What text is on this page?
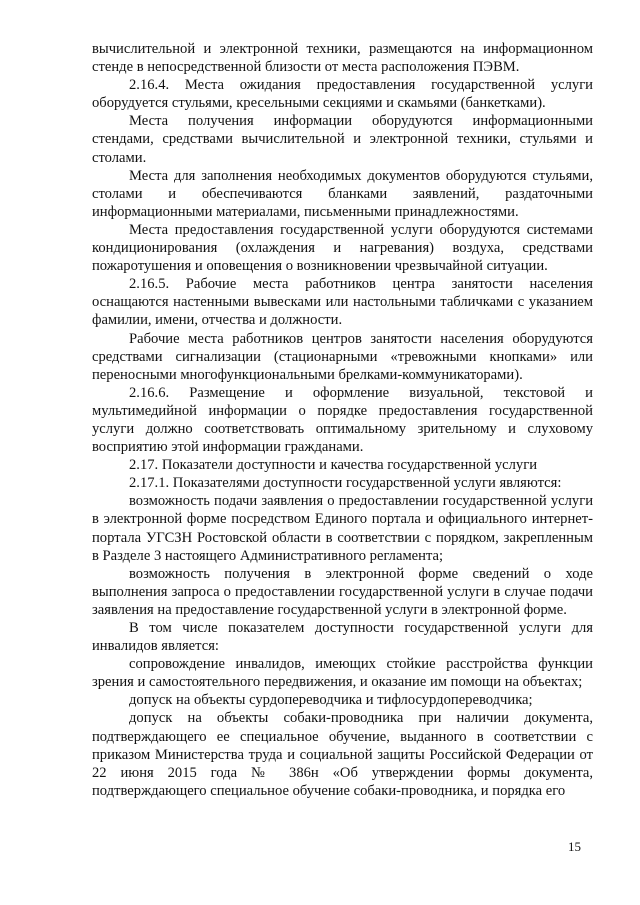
вычислительной и электронной техники, размещаются на информационном стенде в непосредственной близости от места расположения ПЭВМ.

2.16.4. Места ожидания предоставления государственной услуги оборудуется стульями, кресельными секциями и скамьями (банкетками).

Места получения информации оборудуются информационными стендами, средствами вычислительной и электронной техники, стульями и столами.

Места для заполнения необходимых документов оборудуются стульями, столами и обеспечиваются бланками заявлений, раздаточными информационными материалами, письменными принадлежностями.

Места предоставления государственной услуги оборудуются системами кондиционирования (охлаждения и нагревания) воздуха, средствами пожаротушения и оповещения о возникновении чрезвычайной ситуации.

2.16.5. Рабочие места работников центра занятости населения оснащаются настенными вывесками или настольными табличками с указанием фамилии, имени, отчества и должности.

Рабочие места работников центров занятости населения оборудуются средствами сигнализации (стационарными «тревожными кнопками» или переносными многофункциональными брелками-коммуникаторами).

2.16.6. Размещение и оформление визуальной, текстовой и мультимедийной информации о порядке предоставления государственной услуги должно соответствовать оптимальному зрительному и слуховому восприятию этой информации гражданами.

2.17. Показатели доступности и качества государственной услуги

2.17.1. Показателями доступности государственной услуги являются:

возможность подачи заявления о предоставлении государственной услуги в электронной форме посредством Единого портала и официального интернет-портала УГСЗН Ростовской области в соответствии с порядком, закрепленным в Разделе 3 настоящего Административного регламента;

возможность получения в электронной форме сведений о ходе выполнения запроса о предоставлении государственной услуги в случае подачи заявления на предоставление государственной услуги в электронной форме.

В том числе показателем доступности государственной услуги для инвалидов является:

сопровождение инвалидов, имеющих стойкие расстройства функции зрения и самостоятельного передвижения, и оказание им помощи на объектах;

допуск на объекты сурдопереводчика и тифлосурдопереводчика;

допуск на объекты собаки-проводника при наличии документа, подтверждающего ее специальное обучение, выданного в соответствии с приказом Министерства труда и социальной защиты Российской Федерации от 22 июня 2015 года № 386н «Об утверждении формы документа, подтверждающего специальное обучение собаки-проводника, и порядка его

15
